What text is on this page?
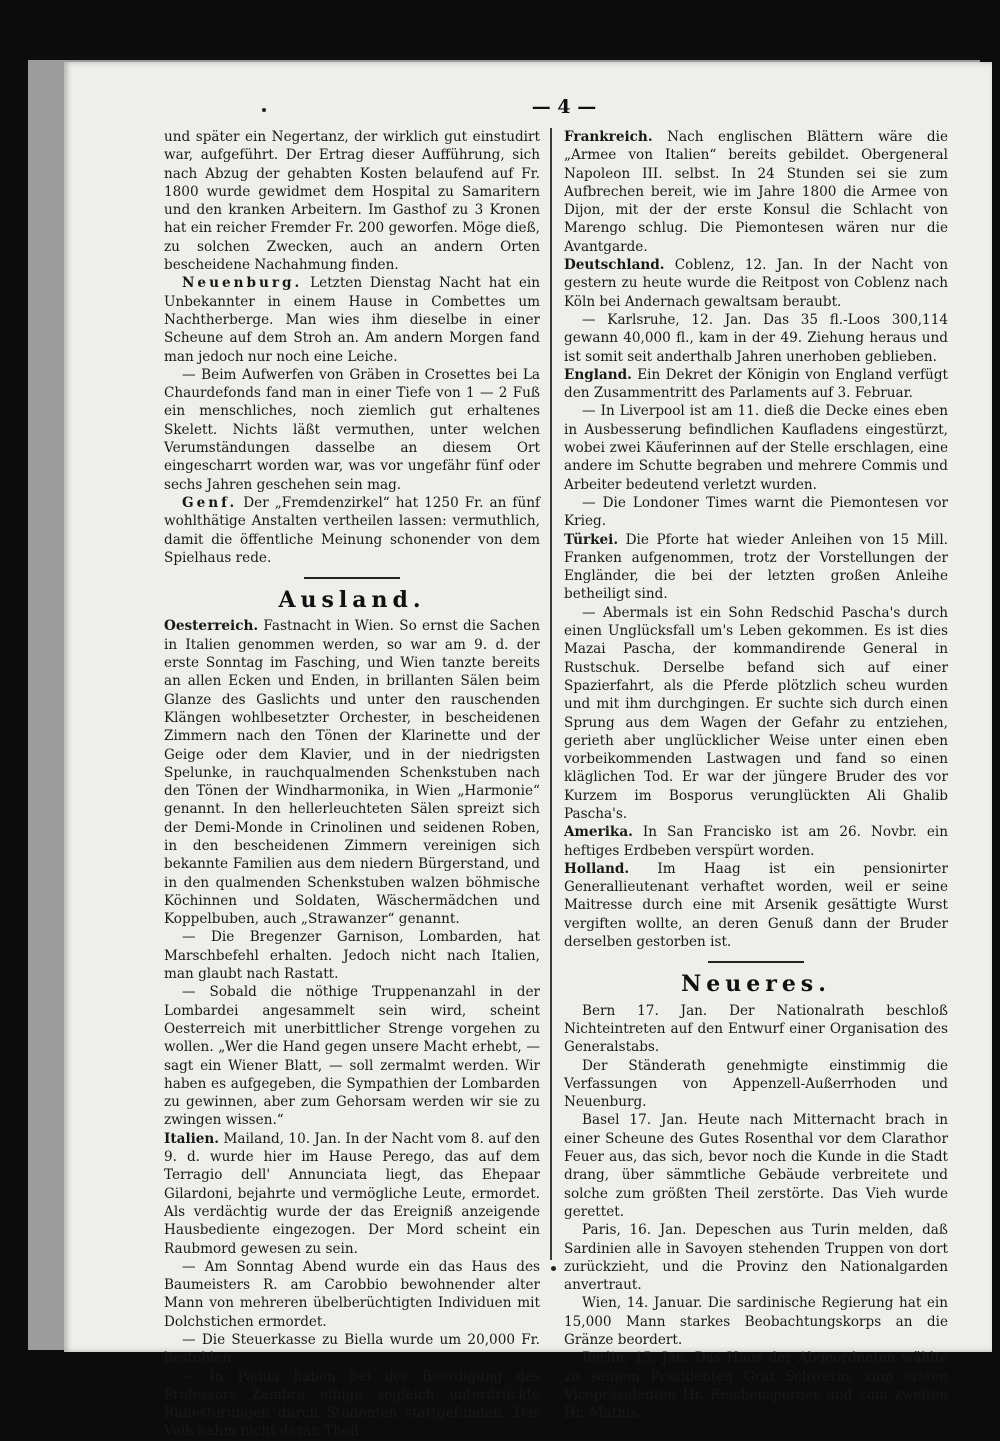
— 4 —

und später ein Negertanz, der wirklich gut einstudirt war, aufgeführt. Der Ertrag dieser Aufführung, sich nach Abzug der gehabten Kosten belaufend auf Fr. 1800 wurde gewidmet dem Hospital zu Samaritern und den kranken Arbeitern. Im Gasthof zu 3 Kronen hat ein reicher Fremder Fr. 200 geworfen. Möge dieß, zu solchen Zwecken, auch an andern Orten bescheidene Nachahmung finden.

Neuenburg. Letzten Dienstag Nacht hat ein Unbekannter in einem Hause in Combettes um Nachtherberge. Man wies ihm dieselbe in einer Scheune auf dem Stroh an. Am andern Morgen fand man jedoch nur noch eine Leiche.

— Beim Aufwerfen von Gräben in Crosettes bei La Chaurdefonds fand man in einer Tiefe von 1 — 2 Fuß ein menschliches, noch ziemlich gut erhaltenes Skelett. Nichts läßt vermuthen, unter welchen Verumständungen dasselbe an diesem Ort eingescharrt worden war, was vor ungefähr fünf oder sechs Jahren geschehen sein mag.

Genf. Der „Fremdenzirkel“ hat 1250 Fr. an fünf wohlthätige Anstalten vertheilen lassen: vermuthlich, damit die öffentliche Meinung schonender von dem Spielhaus rede.

Ausland.

Oesterreich. Fastnacht in Wien. So ernst die Sachen in Italien genommen werden, so war am 9. d. der erste Sonntag im Fasching, und Wien tanzte bereits an allen Ecken und Enden, in brillanten Sälen beim Glanze des Gaslichts und unter den rauschenden Klängen wohlbesetzter Orchester, in bescheidenen Zimmern nach den Tönen der Klarinette und der Geige oder dem Klavier, und in der niedrigsten Spelunke, in rauchqualmenden Schenkstuben nach den Tönen der Windharmonika, in Wien „Harmonie“ genannt. In den hellerleuchteten Sälen spreizt sich der Demi-Monde in Crinolinen und seidenen Roben, in den bescheidenen Zimmern vereinigen sich bekannte Familien aus dem niedern Bürgerstand, und in den qualmenden Schenkstuben walzen böhmische Köchinnen und Soldaten, Wäschermädchen und Koppelbuben, auch „Strawanzer“ genannt.

— Die Bregenzer Garnison, Lombarden, hat Marschbefehl erhalten. Jedoch nicht nach Italien, man glaubt nach Rastatt.

— Sobald die nöthige Truppenanzahl in der Lombardei angesammelt sein wird, scheint Oesterreich mit unerbittlicher Strenge vorgehen zu wollen. „Wer die Hand gegen unsere Macht erhebt, — sagt ein Wiener Blatt, — soll zermalmt werden. Wir haben es aufgegeben, die Sympathien der Lombarden zu gewinnen, aber zum Gehorsam werden wir sie zu zwingen wissen.“

Italien. Mailand, 10. Jan. In der Nacht vom 8. auf den 9. d. wurde hier im Hause Perego, das auf dem Terragio dell' Annunciata liegt, das Ehepaar Gilardoni, bejahrte und vermögliche Leute, ermordet. Als verdächtig wurde der das Ereigniß anzeigende Hausbediente eingezogen. Der Mord scheint ein Raubmord gewesen zu sein.

— Am Sonntag Abend wurde ein das Haus des Baumeisters R. am Carobbio bewohnender alter Mann von mehreren übelberüchtigten Individuen mit Dolchstichen ermordet.

— Die Steuerkasse zu Biella wurde um 20,000 Fr. bestohlen.

— In Padua haben bei der Beerdigung des Professors Zambra einige sogleich unterdrückte Ruhestörungen durch Studenten stattgefunden. Das Volk nahm nicht daran Theil.

Frankreich. Nach englischen Blättern wäre die „Armee von Italien“ bereits gebildet. Obergeneral Napoleon III. selbst. In 24 Stunden sei sie zum Aufbrechen bereit, wie im Jahre 1800 die Armee von Dijon, mit der der erste Konsul die Schlacht von Marengo schlug. Die Piemontesen wären nur die Avantgarde.

Deutschland. Coblenz, 12. Jan. In der Nacht von gestern zu heute wurde die Reitpost von Coblenz nach Köln bei Andernach gewaltsam beraubt.

— Karlsruhe, 12. Jan. Das 35 fl.-Loos 300,114 gewann 40,000 fl., kam in der 49. Ziehung heraus und ist somit seit anderthalb Jahren unerhoben geblieben.

England. Ein Dekret der Königin von England verfügt den Zusammentritt des Parlaments auf 3. Februar.

— In Liverpool ist am 11. dieß die Decke eines eben in Ausbesserung befindlichen Kaufladens eingestürzt, wobei zwei Käuferinnen auf der Stelle erschlagen, eine andere im Schutte begraben und mehrere Commis und Arbeiter bedeutend verletzt wurden.

— Die Londoner Times warnt die Piemontesen vor Krieg.

Türkei. Die Pforte hat wieder Anleihen von 15 Mill. Franken aufgenommen, trotz der Vorstellungen der Engländer, die bei der letzten großen Anleihe betheiligt sind.

— Abermals ist ein Sohn Redschid Pascha's durch einen Unglücksfall um's Leben gekommen. Es ist dies Mazai Pascha, der kommandirende General in Rustschuk. Derselbe befand sich auf einer Spazierfahrt, als die Pferde plötzlich scheu wurden und mit ihm durchgingen. Er suchte sich durch einen Sprung aus dem Wagen der Gefahr zu entziehen, gerieth aber unglücklicher Weise unter einen eben vorbeikommenden Lastwagen und fand so einen kläglichen Tod. Er war der jüngere Bruder des vor Kurzem im Bosporus verunglückten Ali Ghalib Pascha's.

Amerika. In San Francisko ist am 26. Novbr. ein heftiges Erdbeben verspürt worden.

Holland. Im Haag ist ein pensionirter Generallieutenant verhaftet worden, weil er seine Maitresse durch eine mit Arsenik gesättigte Wurst vergiften wollte, an deren Genuß dann der Bruder derselben gestorben ist.

Neueres.

Bern 17. Jan. Der Nationalrath beschloß Nichteintreten auf den Entwurf einer Organisation des Generalstabs.

Der Ständerath genehmigte einstimmig die Verfassungen von Appenzell-Außerrhoden und Neuenburg.

Basel 17. Jan. Heute nach Mitternacht brach in einer Scheune des Gutes Rosenthal vor dem Clarathor Feuer aus, das sich, bevor noch die Kunde in die Stadt drang, über sämmtliche Gebäude verbreitete und solche zum größten Theil zerstörte. Das Vieh wurde gerettet.

Paris, 16. Jan. Depeschen aus Turin melden, daß Sardinien alle in Savoyen stehenden Truppen von dort zurückzieht, und die Provinz den Nationalgarden anvertraut.

Wien, 14. Januar. Die sardinische Regierung hat ein 15,000 Mann starkes Beobachtungskorps an die Gränze beordert.

Berlin, 15. Jan. Das Haus der Abgeordneten wählte zu seinem Präsidenten Graf Schwerin, zum ersten Vicepräsidenten Hr. Reichensperger und zum zweiten Hr. Mathis.
